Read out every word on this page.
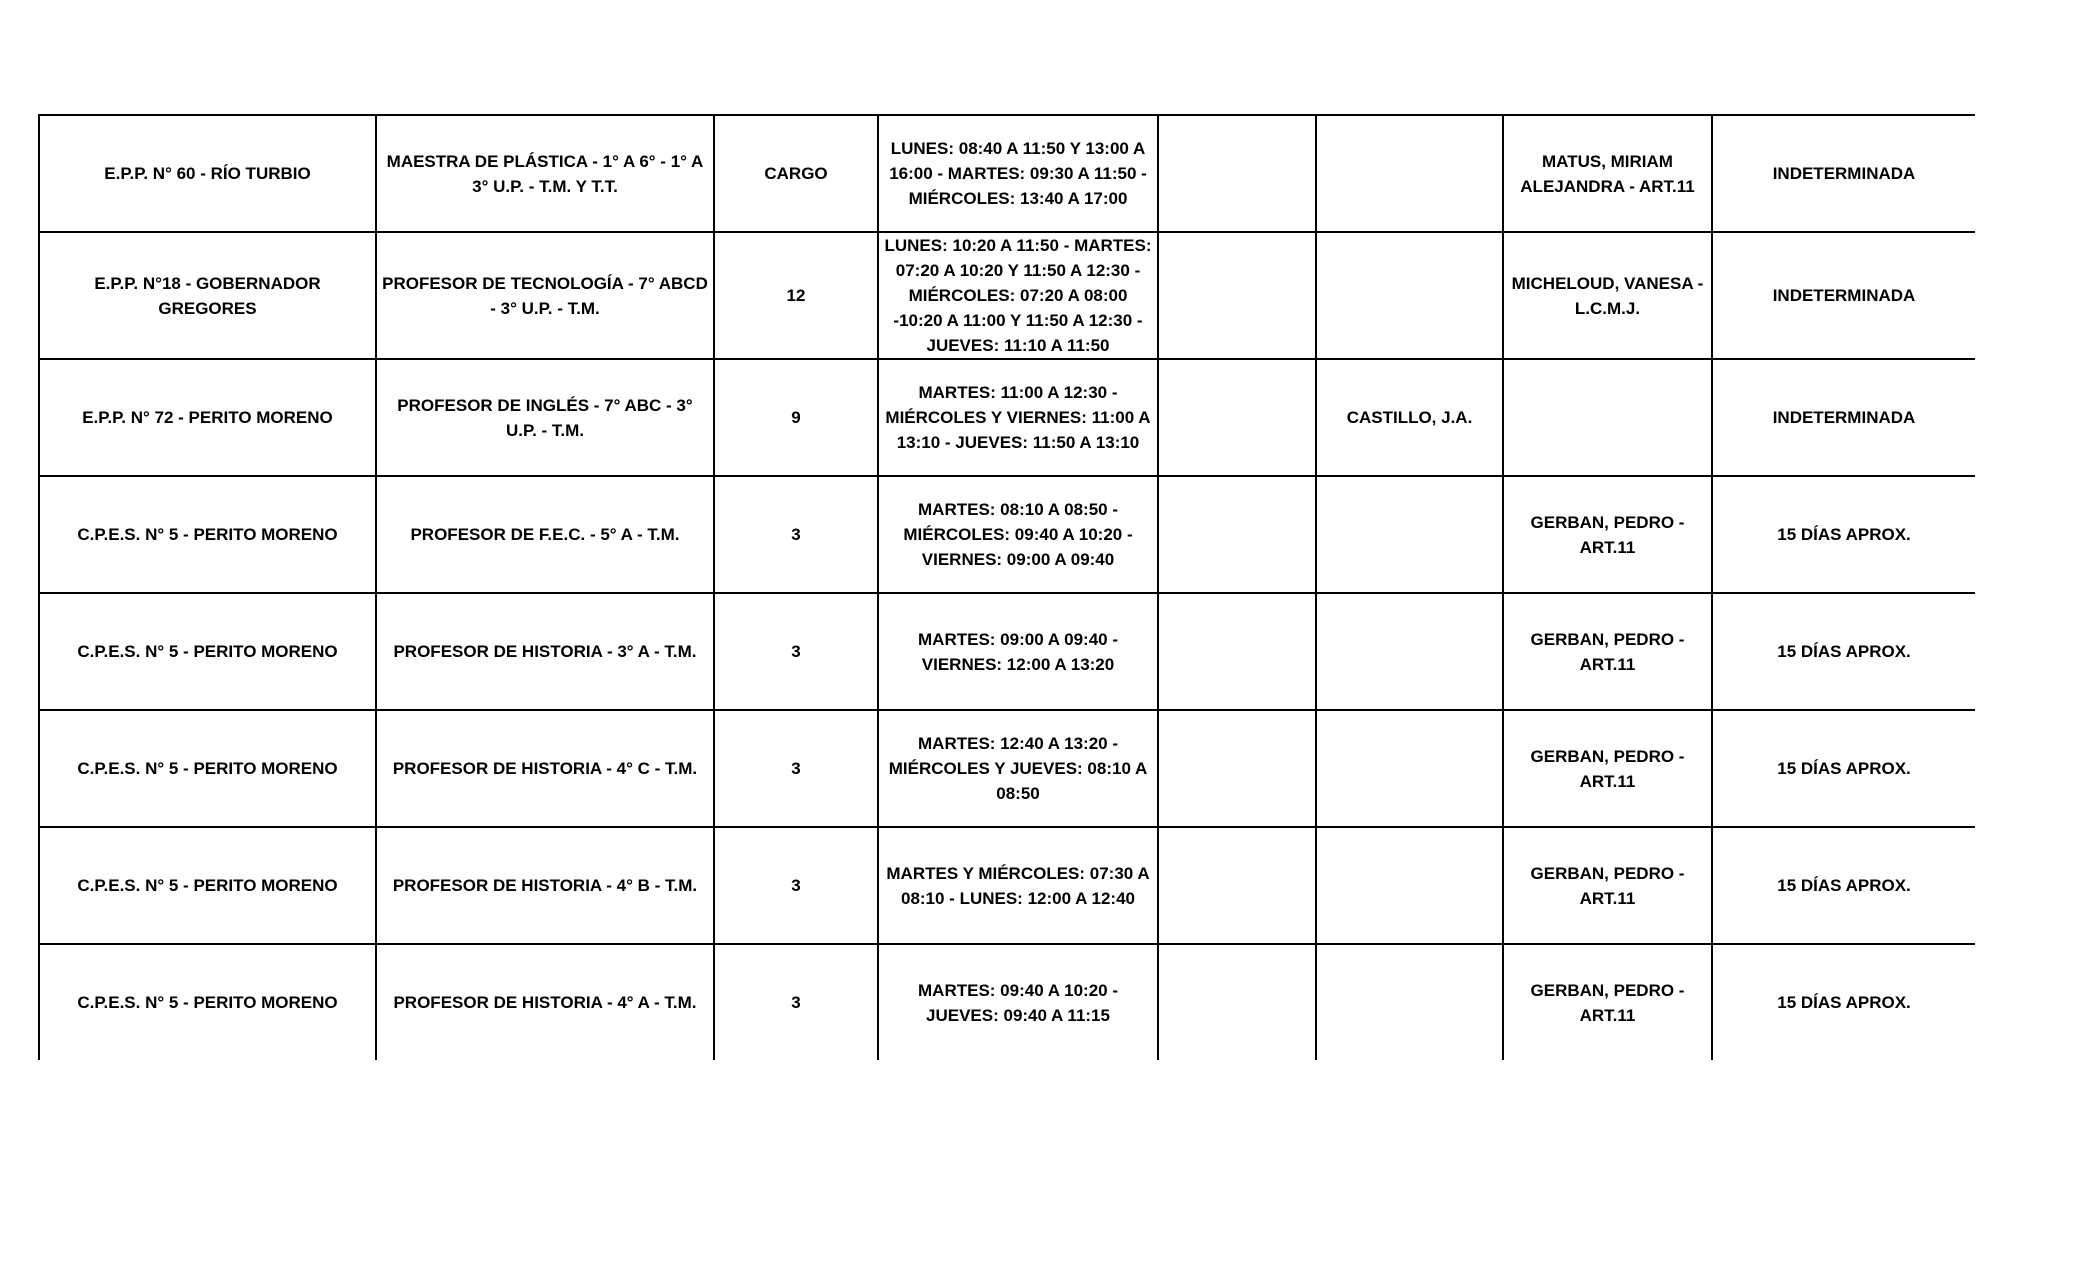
E.P.P. N° 60 - RÍO TURBIO	MAESTRA DE PLÁSTICA - 1° A 6° - 1° A 3° U.P. - T.M. Y T.T.	CARGO	LUNES: 08:40 A 11:50 Y 13:00 A 16:00 - MARTES: 09:30 A 11:50 - MIÉRCOLES: 13:40 A 17:00			MATUS, MIRIAM ALEJANDRA - ART.11	INDETERMINADA
E.P.P. N°18 - GOBERNADOR GREGORES	PROFESOR DE TECNOLOGÍA - 7° ABCD - 3° U.P. - T.M.	12	LUNES: 10:20 A 11:50 - MARTES: 07:20 A 10:20 Y 11:50 A 12:30 - MIÉRCOLES: 07:20 A 08:00 -10:20 A 11:00 Y 11:50 A 12:30 - JUEVES: 11:10 A 11:50			MICHELOUD, VANESA - L.C.M.J.	INDETERMINADA
E.P.P. N° 72 - PERITO MORENO	PROFESOR DE INGLÉS - 7° ABC - 3° U.P. - T.M.	9	MARTES: 11:00 A 12:30 - MIÉRCOLES Y VIERNES: 11:00 A 13:10 - JUEVES: 11:50 A 13:10		CASTILLO, J.A.		INDETERMINADA
C.P.E.S. N° 5 - PERITO MORENO	PROFESOR DE F.E.C. - 5° A - T.M.	3	MARTES: 08:10 A 08:50 - MIÉRCOLES: 09:40 A 10:20 - VIERNES: 09:00 A 09:40			GERBAN, PEDRO - ART.11	15 DÍAS APROX.
C.P.E.S. N° 5 - PERITO MORENO	PROFESOR DE HISTORIA - 3° A - T.M.	3	MARTES: 09:00 A 09:40 - VIERNES: 12:00 A 13:20			GERBAN, PEDRO - ART.11	15 DÍAS APROX.
C.P.E.S. N° 5 - PERITO MORENO	PROFESOR DE HISTORIA - 4° C - T.M.	3	MARTES: 12:40 A 13:20 - MIÉRCOLES Y JUEVES: 08:10 A 08:50			GERBAN, PEDRO - ART.11	15 DÍAS APROX.
C.P.E.S. N° 5 - PERITO MORENO	PROFESOR DE HISTORIA - 4° B - T.M.	3	MARTES Y MIÉRCOLES: 07:30 A 08:10 - LUNES: 12:00 A 12:40			GERBAN, PEDRO - ART.11	15 DÍAS APROX.
C.P.E.S. N° 5 - PERITO MORENO	PROFESOR DE HISTORIA - 4° A - T.M.	3	MARTES: 09:40 A 10:20 - JUEVES: 09:40 A 11:15			GERBAN, PEDRO - ART.11	15 DÍAS APROX.
